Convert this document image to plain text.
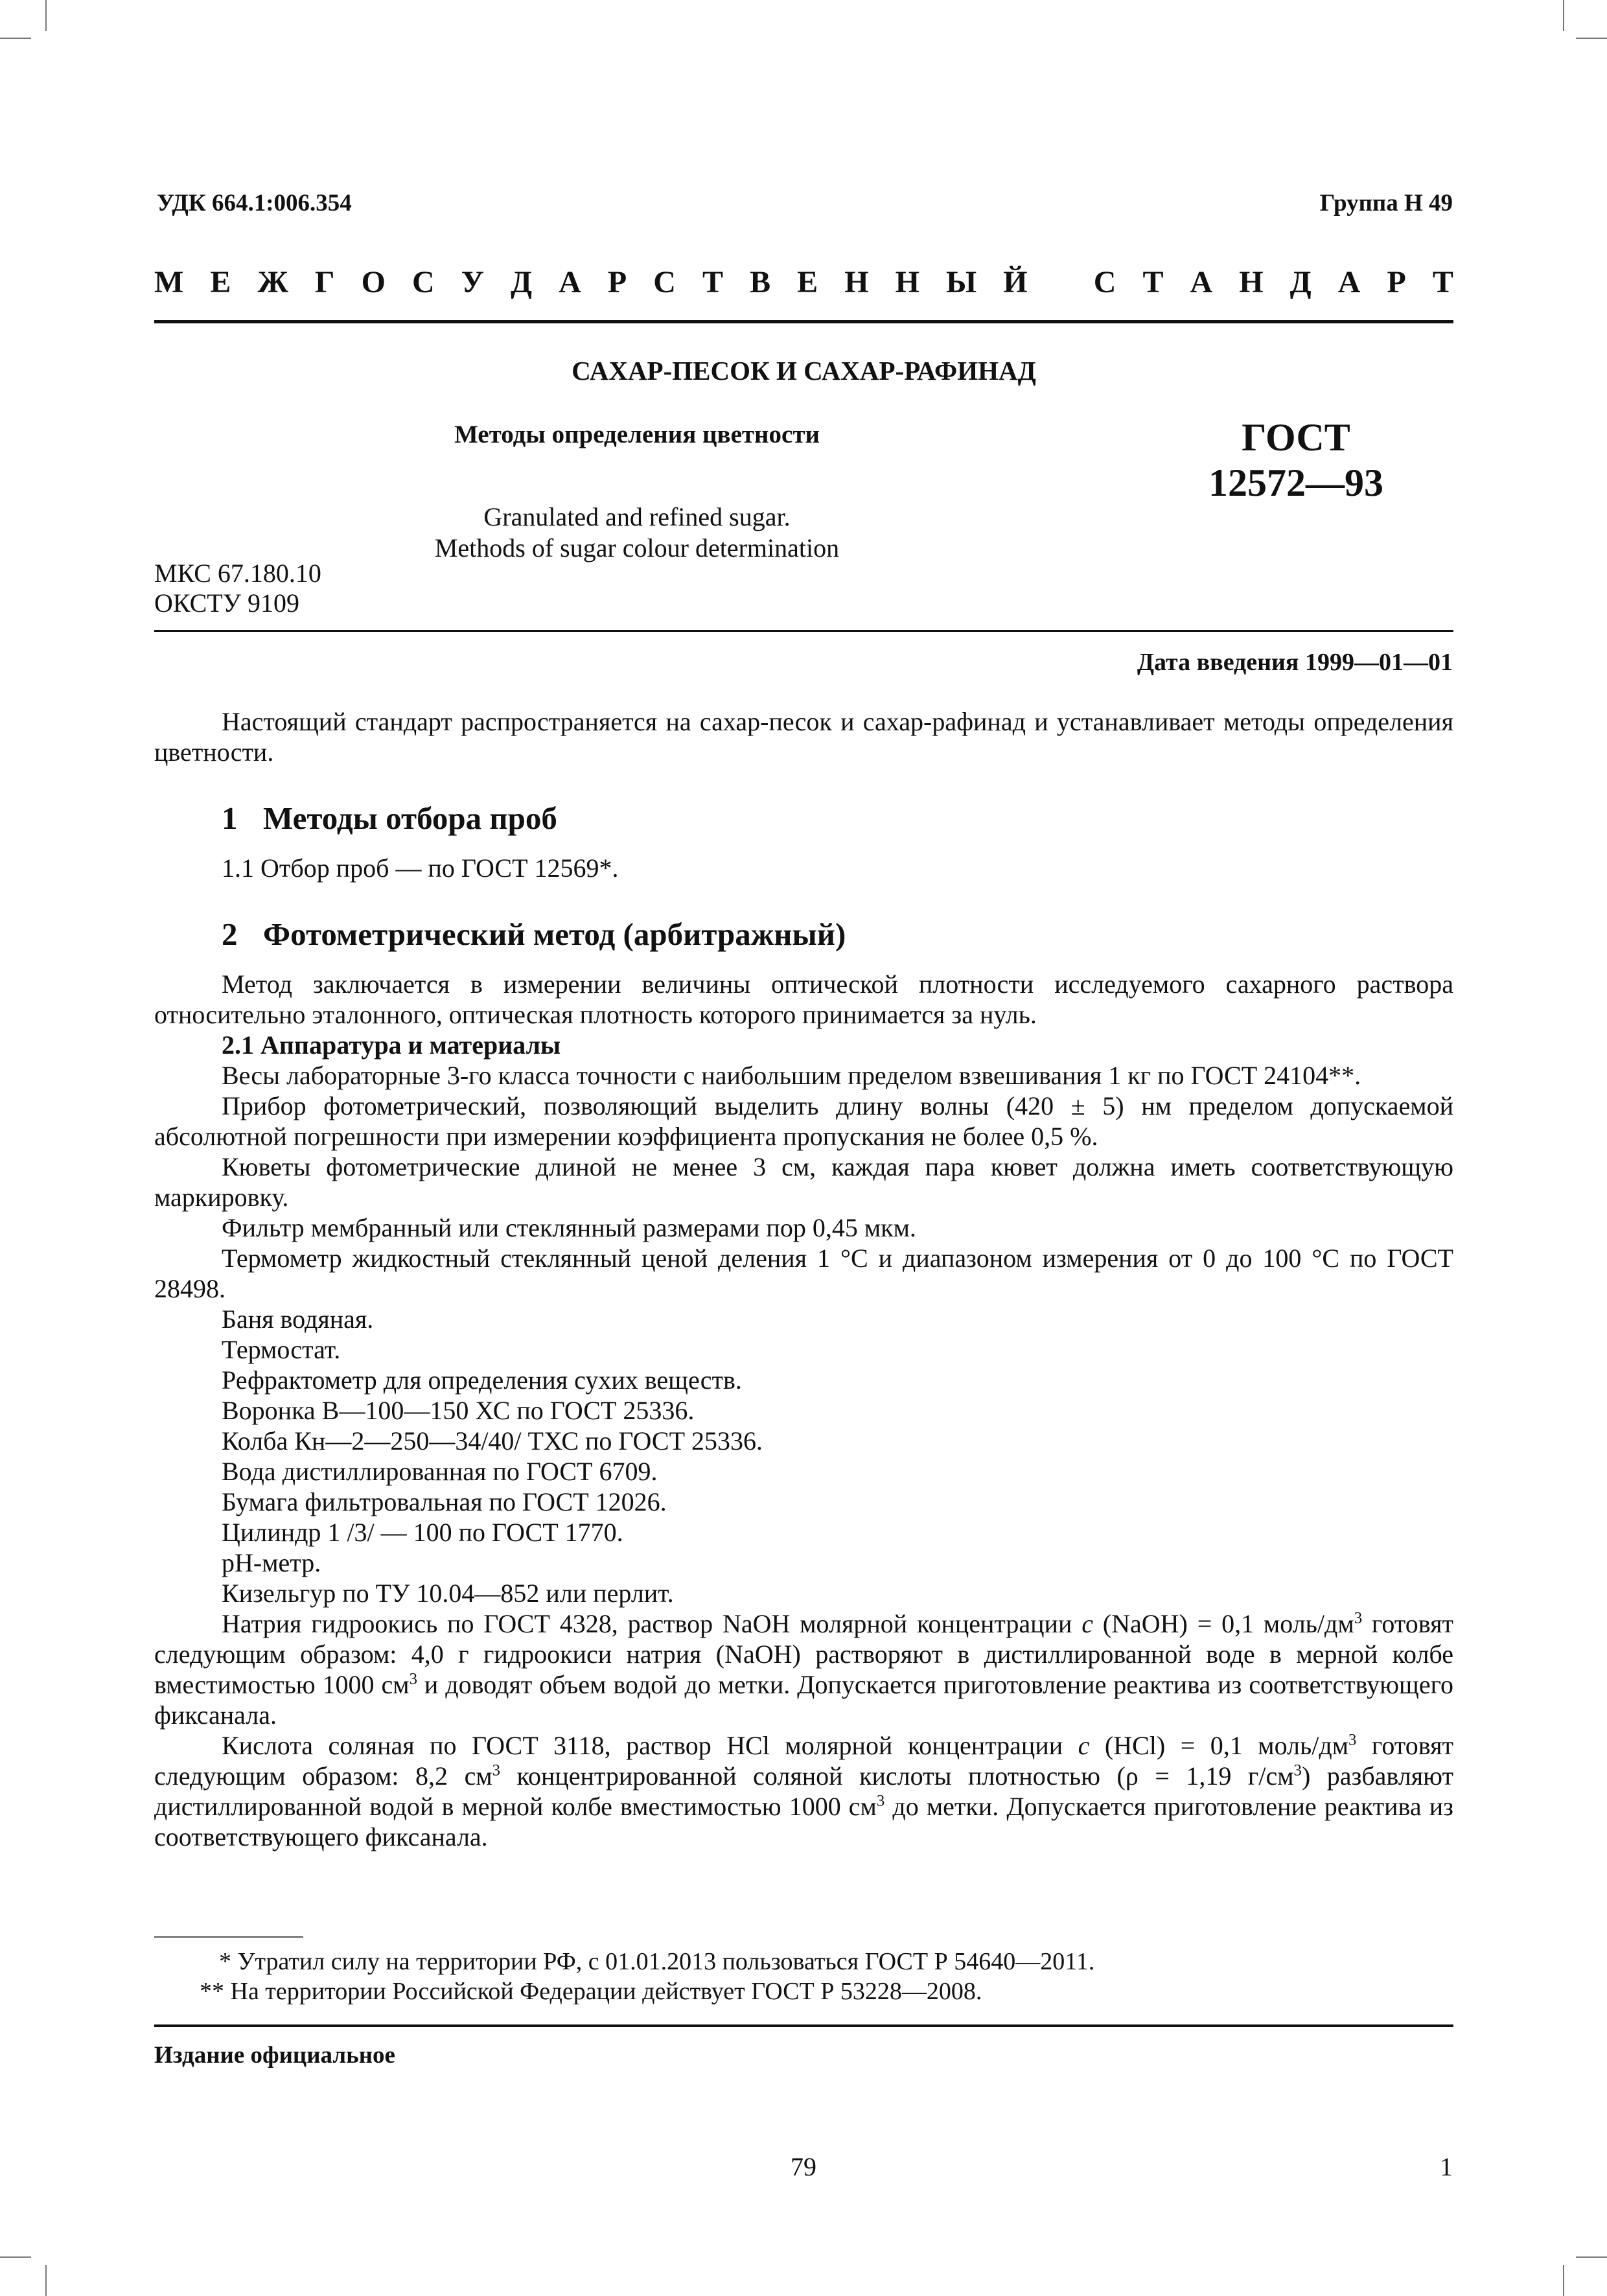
УДК 664.1:006.354	Группа Н 49
М Е Ж Г О С У Д А Р С Т В Е Н Н Ы Й С Т А Н Д А Р Т
САХАР-ПЕСОК И САХАР-РАФИНАД
Методы определения цветности	ГОСТ
12572—93
Granulated and refined sugar.
Methods of sugar colour determination
МКС 67.180.10
ОКСТУ 9109
Дата введения 1999—01—01

Настоящий стандарт распространяется на сахар-песок и сахар-рафинад и устанавливает методы определения цветности.

1 Методы отбора проб

1.1 Отбор проб — по ГОСТ 12569*.

2 Фотометрический метод (арбитражный)

Метод заключается в измерении величины оптической плотности исследуемого сахарного раствора относительно эталонного, оптическая плотность которого принимается за нуль.

2.1 Аппаратура и материалы

Весы лабораторные 3-го класса точности с наибольшим пределом взвешивания 1 кг по ГОСТ 24104**.

Прибор фотометрический, позволяющий выделить длину волны (420 ± 5) нм пределом допускаемой абсолютной погрешности при измерении коэффициента пропускания не более 0,5 %.

Кюветы фотометрические длиной не менее 3 см, каждая пара кювет должна иметь соответствующую маркировку.

Фильтр мембранный или стеклянный размерами пор 0,45 мкм.

Термометр жидкостный стеклянный ценой деления 1 °С и диапазоном измерения от 0 до 100 °С по ГОСТ 28498.

Баня водяная.

Термостат.

Рефрактометр для определения сухих веществ.

Воронка В—100—150 ХС по ГОСТ 25336.

Колба Кн—2—250—34/40/ ТХС по ГОСТ 25336.

Вода дистиллированная по ГОСТ 6709.

Бумага фильтровальная по ГОСТ 12026.

Цилиндр 1 /3/ — 100 по ГОСТ 1770.

рН-метр.

Кизельгур по ТУ 10.04—852 или перлит.

Натрия гидроокись по ГОСТ 4328, раствор NaOH молярной концентрации с (NaOH) = 0,1 моль/$дм^3$ готовят следующим образом: 4,0 г гидроокиси натрия (NaOH) растворяют в дистиллированной воде в мерной колбе вместимостью 1000 $см^3$ и доводят объем водой до метки. Допускается приготовление реактива из соответствующего фиксанала.

Кислота соляная по ГОСТ 3118, раствор HCl молярной концентрации с (HCl) = 0,1 моль/$дм^3$ готовят следующим образом: 8,2 $см^3$ концентрированной соляной кислоты плотностью (ρ = 1,19 $г/см^3$) разбавляют дистиллированной водой в мерной колбе вместимостью 1000 $см^3$ до метки. Допускается приготовление реактива из соответствующего фиксанала.

* Утратил силу на территории РФ, с 01.01.2013 пользоваться ГОСТ Р 54640—2011.

** На территории Российской Федерации действует ГОСТ Р 53228—2008.

Издание официальное
79	1
